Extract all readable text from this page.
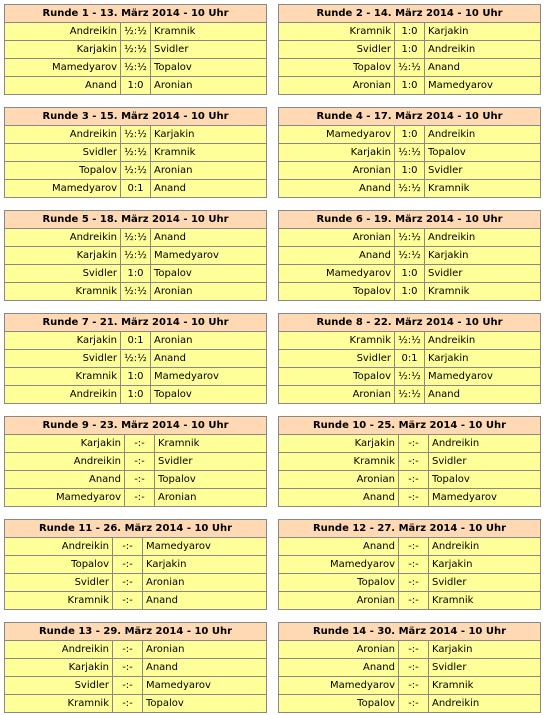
Runde 1 - 13. März 2014 - 10 Uhr		
Andreikin	½:½	Kramnik
Karjakin	½:½	Svidler
Mamedyarov	½:½	Topalov
Anand	1:0	Aronian
Runde 2 - 14. März 2014 - 10 Uhr		
Kramnik	1:0	Karjakin
Svidler	1:0	Andreikin
Topalov	½:½	Anand
Aronian	1:0	Mamedyarov
Runde 3 - 15. März 2014 - 10 Uhr		
Andreikin	½:½	Karjakin
Svidler	½:½	Kramnik
Topalov	½:½	Aronian
Mamedyarov	0:1	Anand
Runde 4 - 17. März 2014 - 10 Uhr		
Mamedyarov	1:0	Andreikin
Karjakin	½:½	Topalov
Aronian	1:0	Svidler
Anand	½:½	Kramnik
Runde 5 - 18. März 2014 - 10 Uhr		
Andreikin	½:½	Anand
Karjakin	½:½	Mamedyarov
Svidler	1:0	Topalov
Kramnik	½:½	Aronian
Runde 6 - 19. März 2014 - 10 Uhr		
Aronian	½:½	Andreikin
Anand	½:½	Karjakin
Mamedyarov	1:0	Svidler
Topalov	1:0	Kramnik
Runde 7 - 21. März 2014 - 10 Uhr		
Karjakin	0:1	Aronian
Svidler	½:½	Anand
Kramnik	1:0	Mamedyarov
Andreikin	1:0	Topalov
Runde 8 - 22. März 2014 - 10 Uhr		
Kramnik	½:½	Andreikin
Svidler	0:1	Karjakin
Topalov	½:½	Mamedyarov
Aronian	½:½	Anand
Runde 9 - 23. März 2014 - 10 Uhr		
Karjakin	-:-	Kramnik
Andreikin	-:-	Svidler
Anand	-:-	Topalov
Mamedyarov	-:-	Aronian
Runde 10 - 25. März 2014 - 10 Uhr		
Karjakin	-:-	Andreikin
Kramnik	-:-	Svidler
Aronian	-:-	Topalov
Anand	-:-	Mamedyarov
Runde 11 - 26. März 2014 - 10 Uhr		
Andreikin	-:-	Mamedyarov
Topalov	-:-	Karjakin
Svidler	-:-	Aronian
Kramnik	-:-	Anand
Runde 12 - 27. März 2014 - 10 Uhr		
Anand	-:-	Andreikin
Mamedyarov	-:-	Karjakin
Topalov	-:-	Svidler
Aronian	-:-	Kramnik
Runde 13 - 29. März 2014 - 10 Uhr		
Andreikin	-:-	Aronian
Karjakin	-:-	Anand
Svidler	-:-	Mamedyarov
Kramnik	-:-	Topalov
Runde 14 - 30. März 2014 - 10 Uhr		
Aronian	-:-	Karjakin
Anand	-:-	Svidler
Mamedyarov	-:-	Kramnik
Topalov	-:-	Andreikin
